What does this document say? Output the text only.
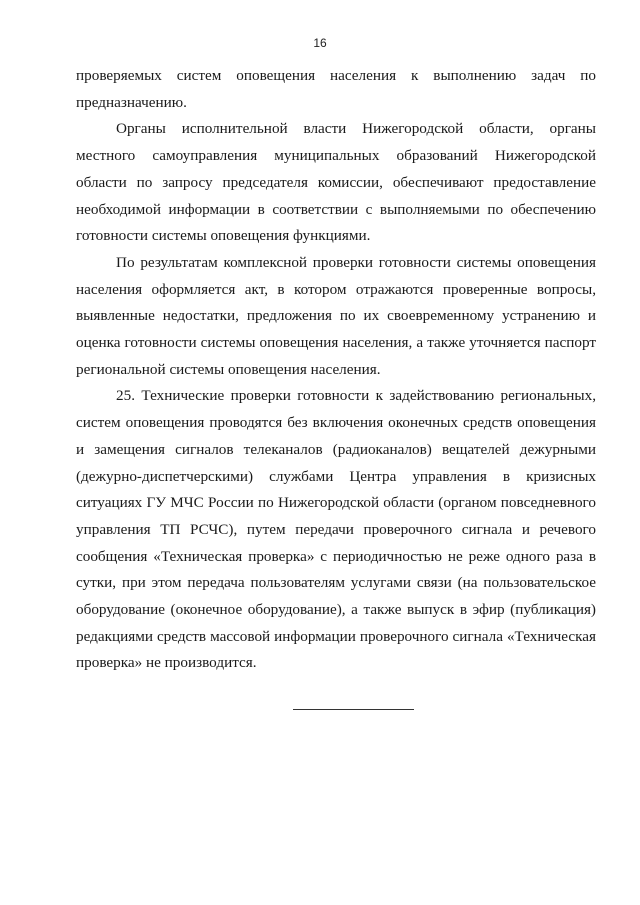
16

проверяемых систем оповещения населения к выполнению задач по предназначению.

Органы исполнительной власти Нижегородской области, органы местного самоуправления муниципальных образований Нижегородской области по запросу председателя комиссии, обеспечивают предоставление необходимой информации в соответствии с выполняемыми по обеспечению готовности системы оповещения функциями.

По результатам комплексной проверки готовности системы оповещения населения оформляется акт, в котором отражаются проверенные вопросы, выявленные недостатки, предложения по их своевременному устранению и оценка готовности системы оповещения населения, а также уточняется паспорт региональной системы оповещения населения.

25. Технические проверки готовности к задействованию региональных, систем оповещения проводятся без включения оконечных средств оповещения и замещения сигналов телеканалов (радиоканалов) вещателей дежурными (дежурно-диспетчерскими) службами Центра управления в кризисных ситуациях ГУ МЧС России по Нижегородской области (органом повседневного управления ТП РСЧС), путем передачи проверочного сигнала и речевого сообщения «Техническая проверка» с периодичностью не реже одного раза в сутки, при этом передача пользователям услугами связи (на пользовательское оборудование (оконечное оборудование), а также выпуск в эфир (публикация) редакциями средств массовой информации проверочного сигнала «Техническая проверка» не производится.
